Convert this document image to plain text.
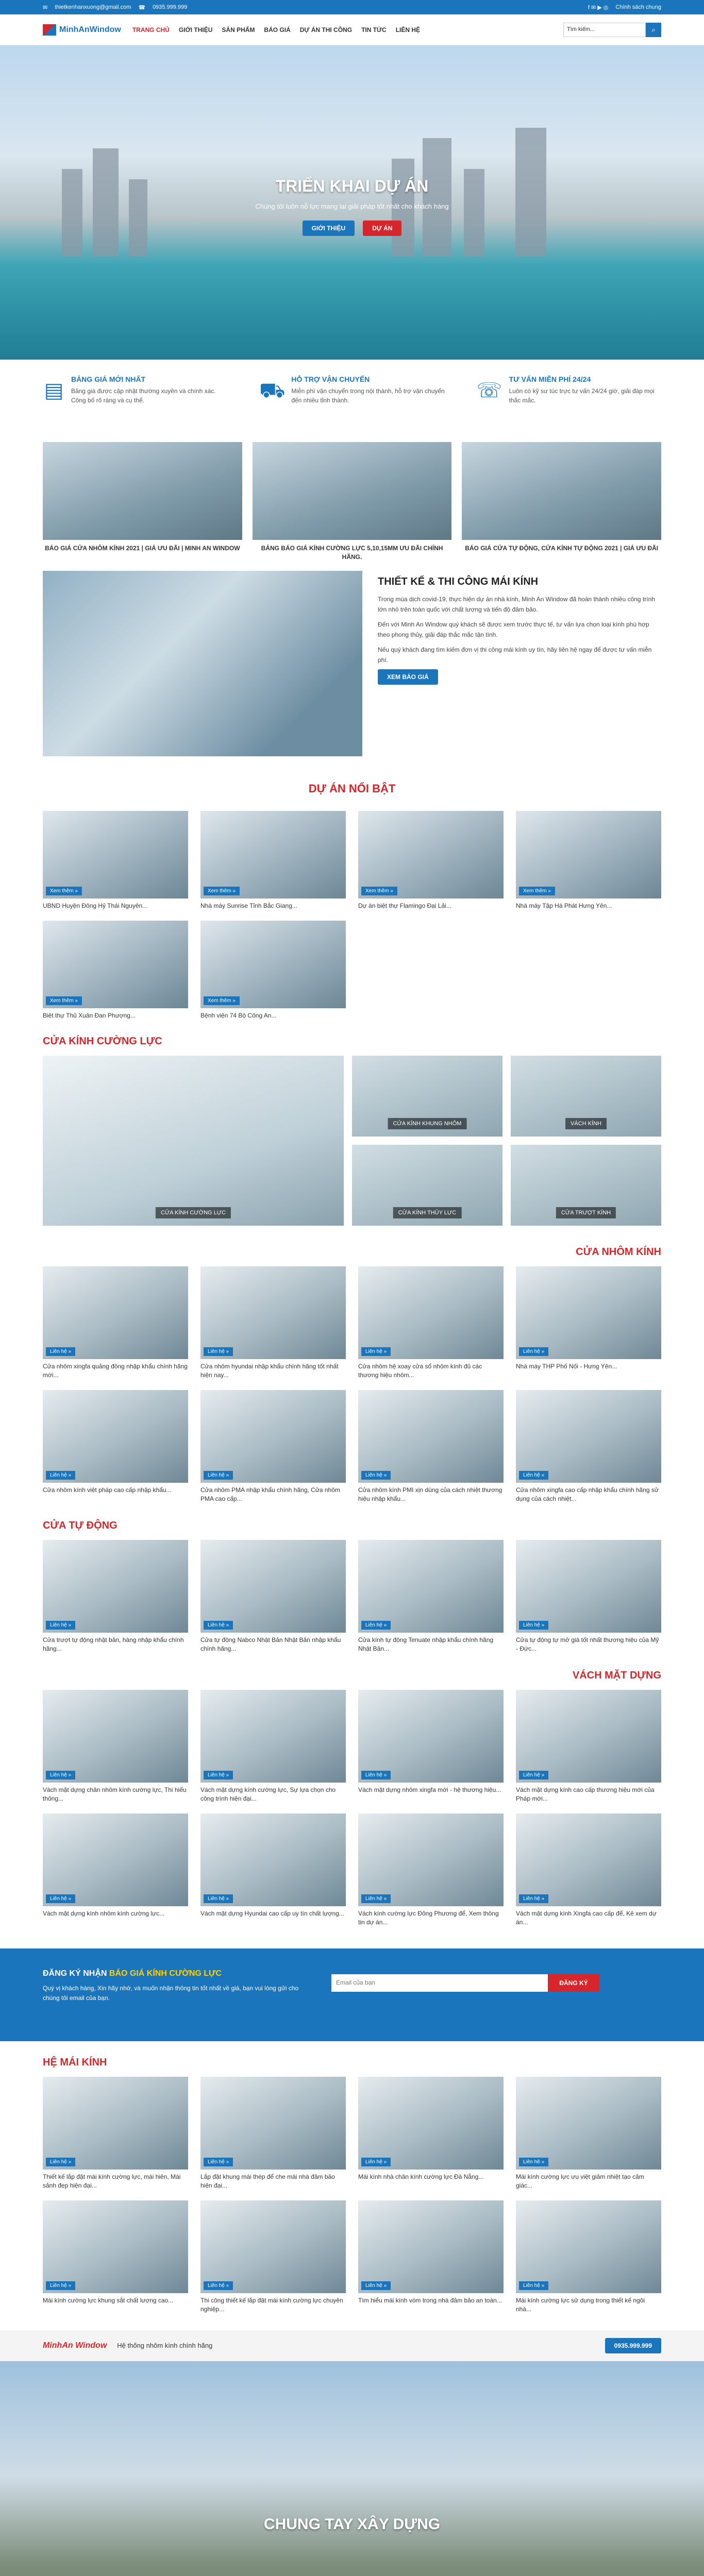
✉ thietkenhanxuong@gmail.com ☎ 0935.999.999	f ✉ ▶ ◎ Chính sách chung
MinhAnWindow TRANG CHỦ GIỚI THIỆU SẢN PHẨM BÁO GIÁ DỰ ÁN THI CÔNG TIN TỨC LIÊN HỆ	Tìm kiếm...	⌕
TRIỂN KHAI DỰ ÁN

Chúng tôi luôn nỗ lực mang lại giải pháp tốt nhất cho khách hàng

GIỚI THIỆU	DỰ ÁN
▤ BẢNG GIÁ MỚI NHẤT

Bảng giá được cập nhật thường xuyên và chính xác. Công bố rõ ràng và cụ thể.	⛟ HỖ TRỢ VẬN CHUYỂN

Miễn phí vận chuyển trong nội thành, hỗ trợ vận chuyển đến nhiều tỉnh thành.	☏ TƯ VẤN MIỄN PHÍ 24/24

Luôn có kỹ sư túc trực tư vấn 24/24 giờ, giải đáp mọi thắc mắc.

BÁO GIÁ CỬA NHÔM KÍNH 2021 | GIÁ ƯU ĐÃI | MINH AN WINDOW	BẢNG BÁO GIÁ KÍNH CƯỜNG LỰC 5,10,15MM ƯU ĐÃI CHÍNH HÃNG.
BÁO GIÁ CỬA TỰ ĐỘNG, CỬA KÍNH TỰ ĐỘNG 2021 | GIÁ ƯU ĐÃI
THIẾT KẾ & THI CÔNG MÁI KÍNH

Trong mùa dịch covid-19, thực hiện dự án nhà kính, Minh An Window đã hoàn thành nhiều công trình lớn nhỏ trên toàn quốc với chất lượng và tiến độ đảm bảo.

Đến với Minh An Window quý khách sẽ được xem trước thực tế, tư vấn lựa chọn loại kính phù hợp theo phong thủy, giải đáp thắc mắc tận tình.

Nếu quý khách đang tìm kiếm đơn vị thi công mái kính uy tín, hãy liên hệ ngay để được tư vấn miễn phí.

XEM BÁO GIÁ
DỰ ÁN NỔI BẬT
Xem thêm »
UBND Huyện Đông Hỷ Thái Nguyên...
Xem thêm »
Nhà máy Sunrise Tỉnh Bắc Giang...
Xem thêm »
Dự án biệt thự Flamingo Đại Lải...
Xem thêm »
Nhà máy Tập Hà Phát Hưng Yên...
Xem thêm »
Biệt thự Thủ Xuân Đan Phượng...
Xem thêm »
Bệnh viện 74 Bộ Công An...
CỬA KÍNH CƯỜNG LỰC
CỬA KÍNH CƯỜNG LỰC
CỬA KÍNH KHUNG NHÔM
CỬA KÍNH THỦY LỰC
VÁCH KÍNH
CỬA TRƯỢT KÍNH
CỬA NHÔM KÍNH
Liên hệ »
Cửa nhôm xingfa quảng đông nhập khẩu chính hãng mới...
Liên hệ »
Cửa nhôm hyundai nhập khẩu chính hãng tốt nhất hiện nay...
Liên hệ »
Cửa nhôm hệ xoay cửa sổ nhôm kính đủ các thương hiệu nhôm...
Liên hệ »
Nhà máy THP Phố Nối - Hưng Yên...
Liên hệ »
Cửa nhôm kính việt pháp cao cấp nhập khẩu...
Liên hệ »
Cửa nhôm PMA nhập khẩu chính hãng, Cửa nhôm PMA cao cấp...
Liên hệ »
Cửa nhôm kính PMI xịn dùng của cách nhiệt thương hiệu nhập khẩu...
Liên hệ »
Cửa nhôm xingfa cao cấp nhập khẩu chính hãng sử dụng của cách nhiệt...
CỬA TỰ ĐỘNG
Liên hệ »
Cửa trượt tự động nhật bản, hàng nhập khẩu chính hãng...
Liên hệ »
Cửa tự động Nabco Nhật Bản Nhật Bản nhập khẩu chính hãng...
Liên hệ »
Cửa kính tự động Tenuate nhập khẩu chính hãng Nhật Bản...
Liên hệ »
Cửa tự động tự mở giá tốt nhất thương hiệu của Mỹ - Đức...
VÁCH MẶT DỰNG
Liên hệ »
Vách mặt dựng chân nhôm kính cường lực, Thi hiểu thông...
Liên hệ »
Vách mặt dựng kính cường lực, Sự lựa chọn cho công trình hiện đại...
Liên hệ »
Vách mặt dựng nhôm xingfa mới - hệ thương hiệu...
Liên hệ »
Vách mặt dựng kính cao cấp thương hiệu mới của Pháp mới...
Liên hệ »
Vách mặt dựng kính nhôm kính cường lực...
Liên hệ »
Vách mặt dựng Hyundai cao cấp uy tín chất lượng...
Liên hệ »
Vách kính cường lực Đông Phương để, Xem thông tin dự án...
Liên hệ »
Vách mặt dựng kính Xingfa cao cấp để, Kê xem dự án...
ĐĂNG KÝ NHẬN BÁO GIÁ KÍNH CƯỜNG LỰC

Quý vị khách hàng, Xin hãy nhớ, và muốn nhận thông tin tốt nhất về giá, bạn vui lòng gửi cho chúng tôi email của bạn.

Email của bạn	ĐĂNG KÝ
HỆ MÁI KÍNH
Liên hệ »
Thiết kế lắp đặt mái kính cường lực, mái hiên, Mái sảnh đẹp hiện đại...
Liên hệ »
Lắp đặt khung mái thép để che mái nhà đảm bảo hiện đại...
Liên hệ »
Mái kính nhà chân kính cường lực Đà Nẵng...
Liên hệ »
Mái kính cường lực ưu việt giảm nhiệt tạo cảm giác...
Liên hệ »
Mái kính cường lực khung sắt chất lượng cao...
Liên hệ »
Thi công thiết kế lắp đặt mái kính cường lực chuyên nghiệp...
Liên hệ »
Tìm hiểu mái kính vòm trong nhà đảm bảo an toàn...
Liên hệ »
Mái kính cường lực sử dụng trong thiết kế ngôi nhà...
MinhAn Window Hệ thống nhôm kính chính hãng	0935.999.999
CHUNG TAY XÂY DỰNG
